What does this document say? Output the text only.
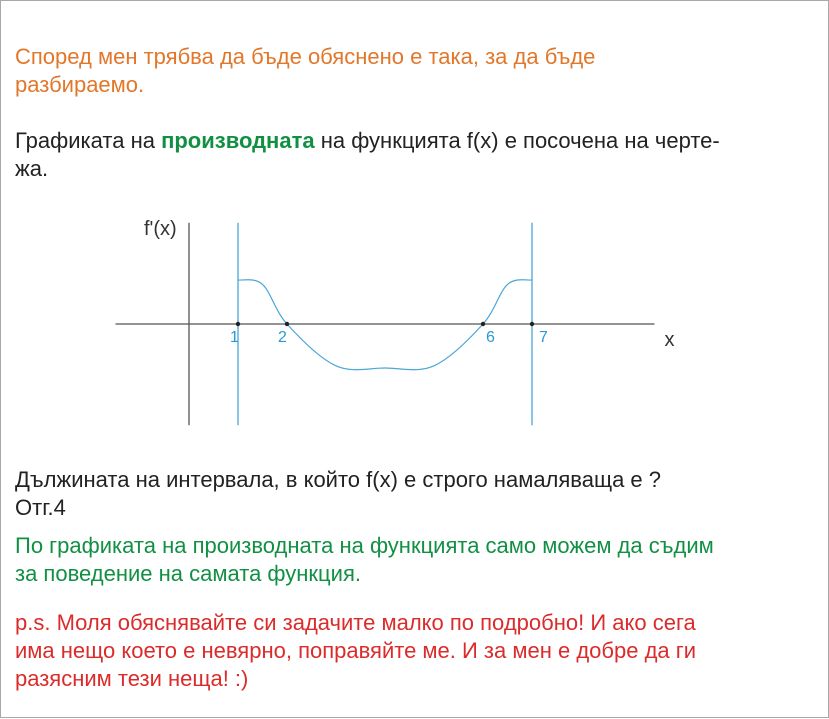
Според мен трябва да бъде обяснено е така, за да бъде
разбираемо.
Графиката на производната на функцията f(x) е посочена на черте-
жа.
1 2	6	7
f'(x)
x
Дължината на интервала, в който f(x) е строго намаляваща е ?
Отг.4
По графиката на производната на функцията само можем да съдим
за поведение на самата функция.
p.s. Моля обяснявайте си задачите малко по подробно! И ако сега
има нещо което е невярно, поправяйте ме. И за мен е добре да ги
разясним тези неща! :)
